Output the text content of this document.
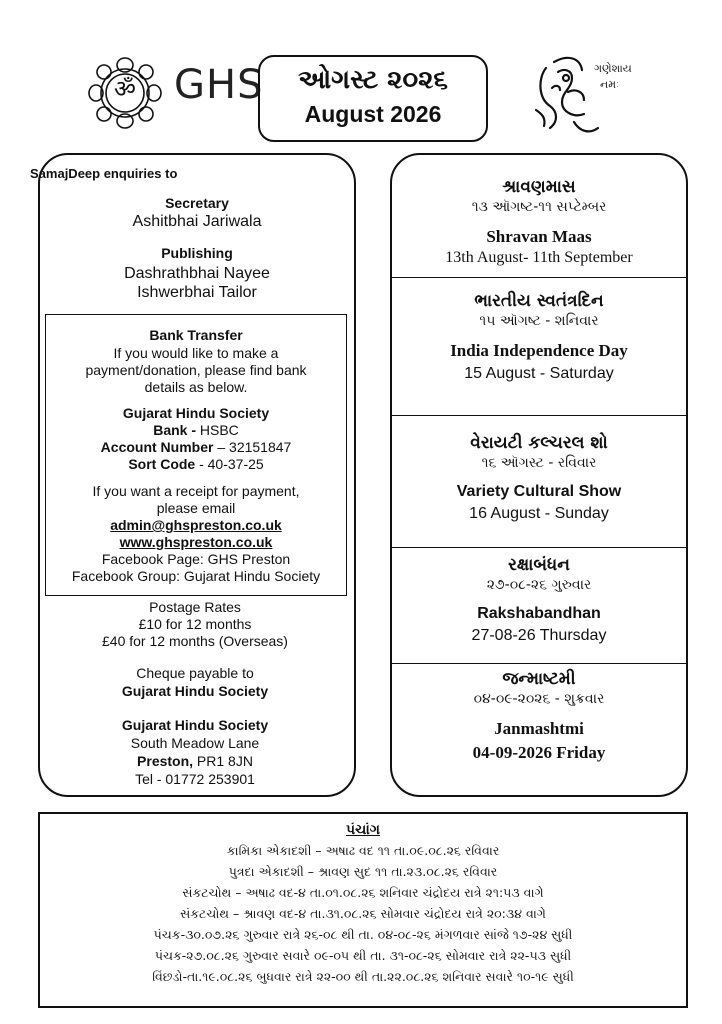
ॐ GHS	ઓગસ્ટ ૨૦૨૬
August 2026
ગણેશાય
નમઃ
SamajDeep enquiries to
Secretary
Ashitbhai Jariwala
Publishing
Dashrathbhai Nayee
Ishwerbhai Tailor
Bank Transfer
If you would like to make a
payment/donation, please find bank
details as below.
Gujarat Hindu Society
Bank - HSBC
Account Number – 32151847
Sort Code - 40-37-25
If you want a receipt for payment,
please email
admin@ghspreston.co.uk
www.ghspreston.co.uk
Facebook Page: GHS Preston
Facebook Group: Gujarat Hindu Society
Postage Rates
£10 for 12 months
£40 for 12 months (Overseas)
Cheque payable to
Gujarat Hindu Society
Gujarat Hindu Society
South Meadow Lane
Preston, PR1 8JN
Tel - 01772 253901
શ્રાવણમાસ
૧૩ ઑગષ્ટ-૧૧ સપ્ટેમ્બર
Shravan Maas
13th August- 11th September
ભારતીય સ્વતંત્રદિન
૧૫ ઑગષ્ટ - શનિવાર
India Independence Day
15 August - Saturday
વેરાયટી કલ્ચરલ શો
૧૬ ઑગસ્ટ - રવિવાર
Variety Cultural Show
16 August - Sunday
રક્ષાબંધન
૨૭-૦૮-૨૬ ગુરુવાર
Rakshabandhan
27-08-26 Thursday
જન્માષ્ટમી
૦૪-૦૯-૨૦૨૬ - શુક્રવાર
Janmashtmi
04-09-2026 Friday
પંચાંગ
કામિકા એકાદશી – અષાઢ વદ ૧૧ તા.૦૯.૦૮.૨૬ રવિવાર
પુત્રદા એકાદશી – શ્રાવણ સુદ ૧૧ તા.૨૩.૦૮.૨૬ રવિવાર
સંકટચોથ – અષાઢ વદ-૪ તા.૦૧.૦૮.૨૬ શનિવાર ચંદ્રોદય રાત્રે ૨૧:૫૩ વાગે
સંકટચોથ – શ્રાવણ વદ-૪ તા.૩૧.૦૮.૨૬ સોમવાર ચંદ્રોદય રાત્રે ૨૦:૩૪ વાગે
પંચક-૩૦.૦૭.૨૬ ગુરુવાર રાત્રે ૨૬-૦૮ થી તા. ૦૪-૦૮-૨૬ મંગળવાર સાંજે ૧૭-૨૪ સુધી
પંચક-૨૭.૦૮.૨૬ ગુરુવાર સવારે ૦૯-૦૫ થી તા. ૩૧-૦૮-૨૬ સોમવાર રાત્રે ૨૨-૫૩ સુધી
વિંછડો-તા.૧૯.૦૮.૨૬ બુધવાર રાત્રે ૨૨-૦૦ થી તા.૨૨.૦૮.૨૬ શનિવાર સવારે ૧૦-૧૯ સુધી
